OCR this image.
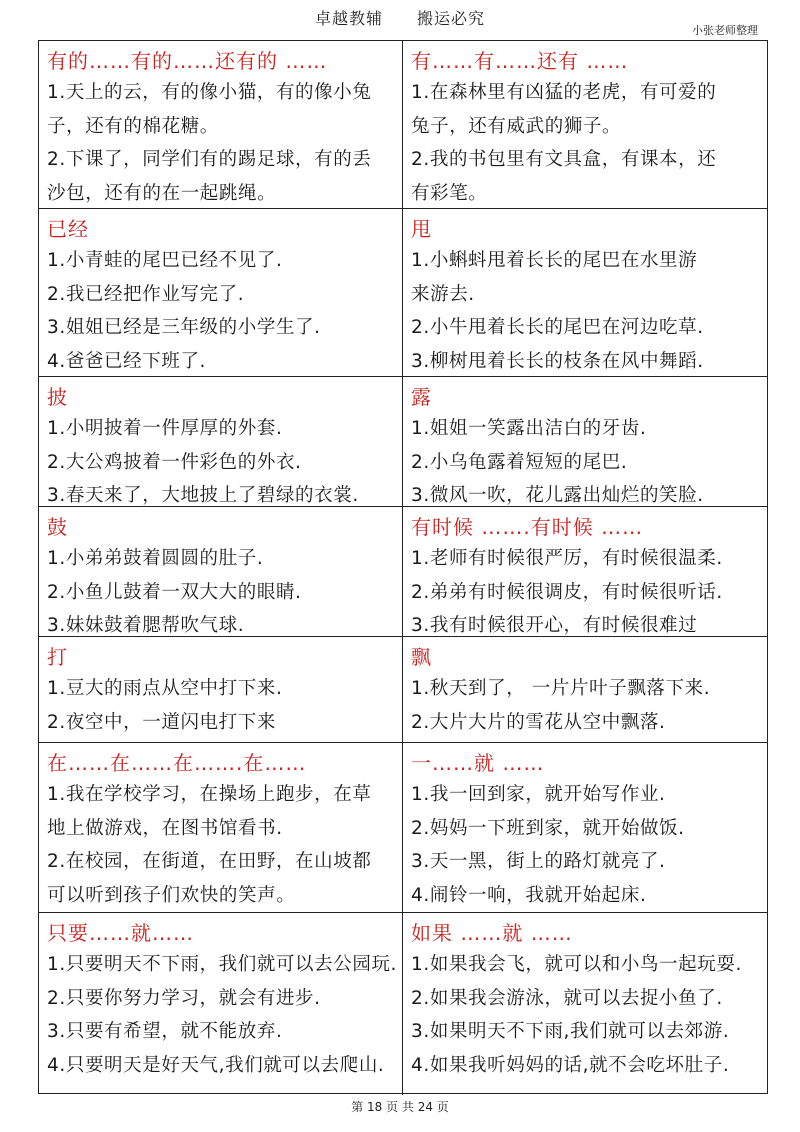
卓越教辅 搬运必究
小张老师整理
有的……有的……还有的 ……
1.天上的云，有的像小猫，有的像小兔
子，还有的棉花糖。
2.下课了，同学们有的踢足球，有的丢
沙包，还有的在一起跳绳。
有……有……还有 ……
1.在森林里有凶猛的老虎，有可爱的
兔子，还有威武的狮子。
2.我的书包里有文具盒，有课本，还
有彩笔。
已经
1.小青蛙的尾巴已经不见了.
2.我已经把作业写完了.
3.姐姐已经是三年级的小学生了.
4.爸爸已经下班了.
甩
1.小蝌蚪甩着长长的尾巴在水里游
来游去.
2.小牛甩着长长的尾巴在河边吃草.
3.柳树甩着长长的枝条在风中舞蹈.
披
1.小明披着一件厚厚的外套.
2.大公鸡披着一件彩色的外衣.
3.春天来了，大地披上了碧绿的衣裳.
露
1.姐姐一笑露出洁白的牙齿.
2.小乌龟露着短短的尾巴.
3.微风一吹，花儿露出灿烂的笑脸.
鼓
1.小弟弟鼓着圆圆的肚子.
2.小鱼儿鼓着一双大大的眼睛.
3.妹妹鼓着腮帮吹气球.
有时候 …….有时候 ……
1.老师有时候很严厉，有时候很温柔.
2.弟弟有时候很调皮，有时候很听话.
3.我有时候很开心，有时候很难过
打
1.豆大的雨点从空中打下来.
2.夜空中，一道闪电打下来
飘
1.秋天到了， 一片片叶子飘落下来.
2.大片大片的雪花从空中飘落.
在……在……在…….在……
1.我在学校学习，在操场上跑步，在草
地上做游戏，在图书馆看书.
2.在校园，在街道，在田野，在山坡都
可以听到孩子们欢快的笑声。
一……就 ……
1.我一回到家，就开始写作业.
2.妈妈一下班到家，就开始做饭.
3.天一黑，街上的路灯就亮了.
4.闹铃一响，我就开始起床.
只要……就……
1.只要明天不下雨，我们就可以去公园玩.
2.只要你努力学习，就会有进步.
3.只要有希望，就不能放弃.
4.只要明天是好天气,我们就可以去爬山.
如果 ……就 ……
1.如果我会飞，就可以和小鸟一起玩耍.
2.如果我会游泳，就可以去捉小鱼了.
3.如果明天不下雨,我们就可以去郊游.
4.如果我听妈妈的话,就不会吃坏肚子.
第 18 页 共 24 页
